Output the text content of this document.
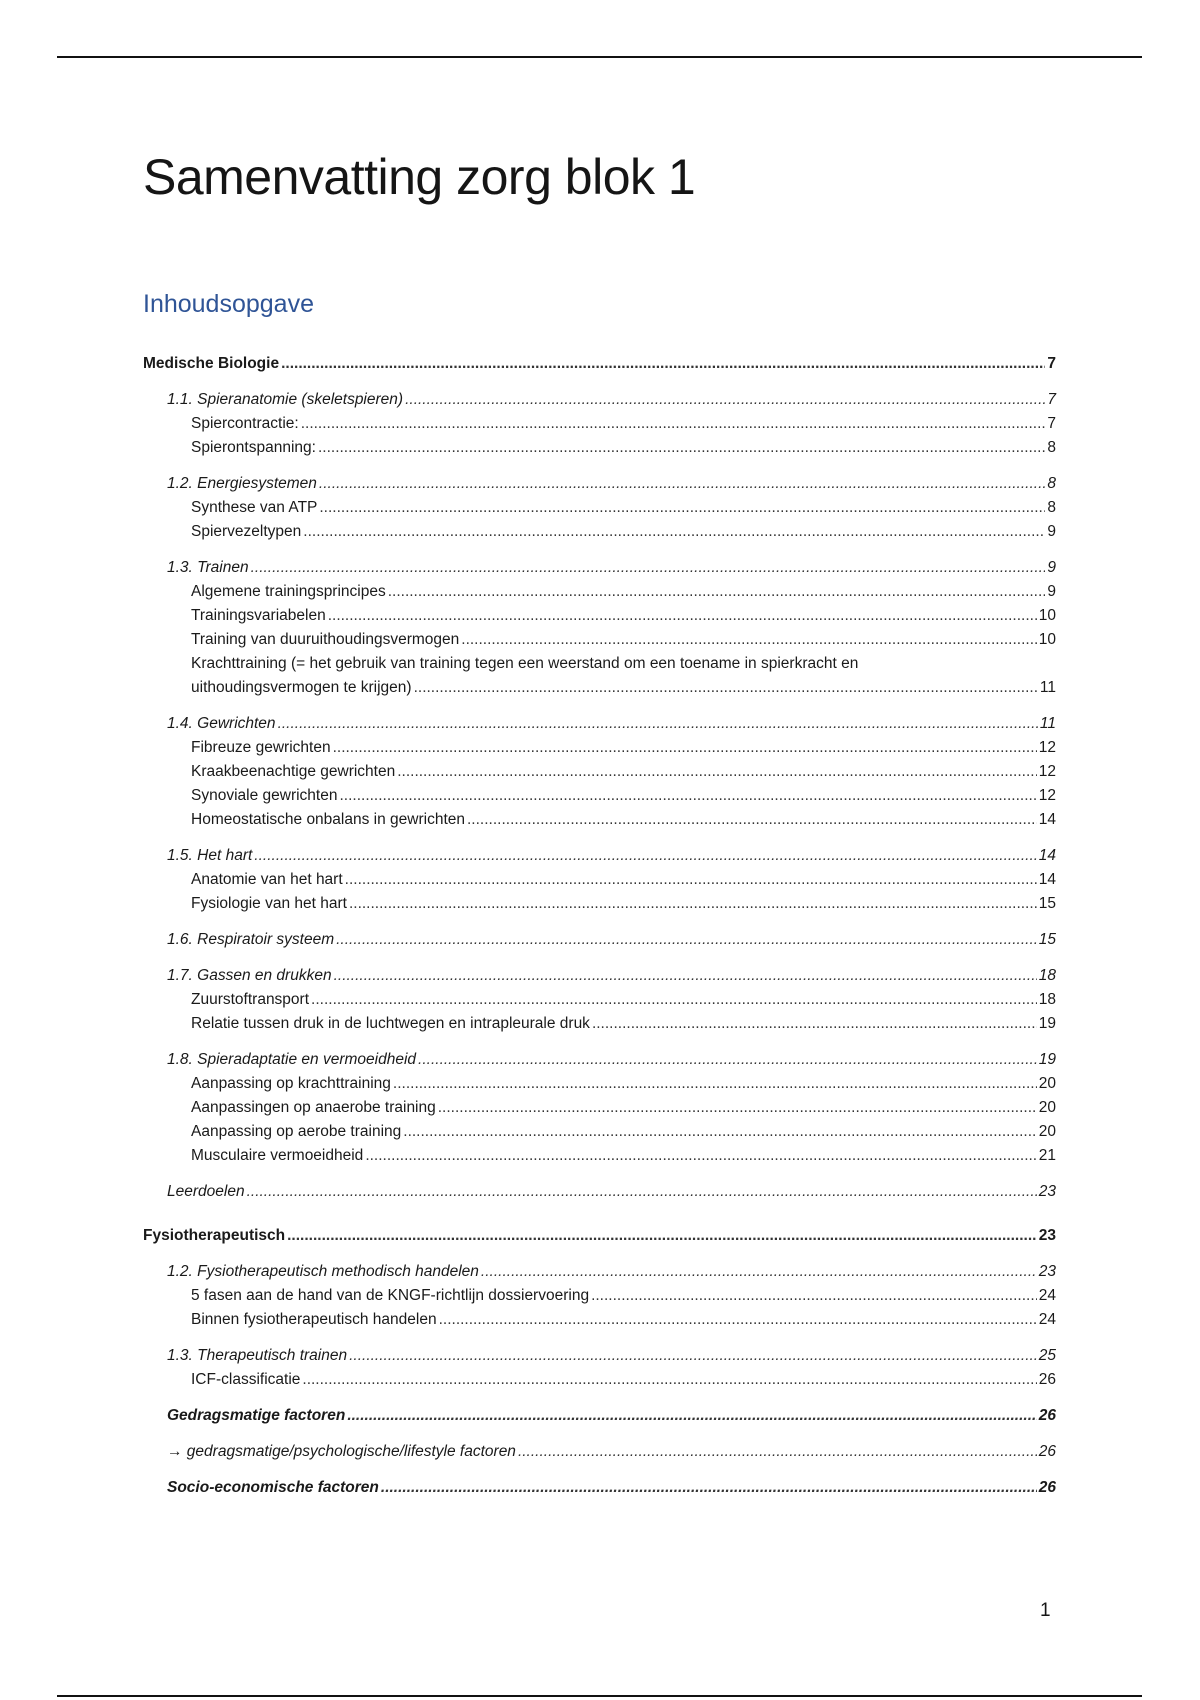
Samenvatting zorg blok 1
Inhoudsopgave
Medische Biologie .....	7
1.1. Spieranatomie (skeletspieren) .....	7
Spiercontractie: .....	7
Spierontspanning: .....	8
1.2. Energiesystemen .....	8
Synthese van ATP .....	8
Spiervezeltypen .....	9
1.3. Trainen .....	9
Algemene trainingsprincipes .....	9
Trainingsvariabelen .....	10
Training van duuruithoudingsvermogen .....	10
Krachttraining (= het gebruik van training tegen een weerstand om een toename in spierkracht en
uithoudingsvermogen te krijgen) .....	11
1.4. Gewrichten .....	11
Fibreuze gewrichten .....	12
Kraakbeenachtige gewrichten .....	12
Synoviale gewrichten .....	12
Homeostatische onbalans in gewrichten .....	14
1.5. Het hart .....	14
Anatomie van het hart .....	14
Fysiologie van het hart .....	15
1.6. Respiratoir systeem .....	15
1.7. Gassen en drukken .....	18
Zuurstoftransport .....	18
Relatie tussen druk in de luchtwegen en intrapleurale druk .....	19
1.8. Spieradaptatie en vermoeidheid .....	19
Aanpassing op krachttraining .....	20
Aanpassingen op anaerobe training .....	20
Aanpassing op aerobe training .....	20
Musculaire vermoeidheid .....	21
Leerdoelen .....	23
Fysiotherapeutisch .....	23
1.2. Fysiotherapeutisch methodisch handelen .....	23
5 fasen aan de hand van de KNGF-richtlijn dossiervoering .....	24
Binnen fysiotherapeutisch handelen .....	24
1.3. Therapeutisch trainen .....	25
ICF-classificatie .....	26
Gedragsmatige factoren .....	26
→ gedragsmatige/psychologische/lifestyle factoren .....	26
Socio-economische factoren .....	26
1
